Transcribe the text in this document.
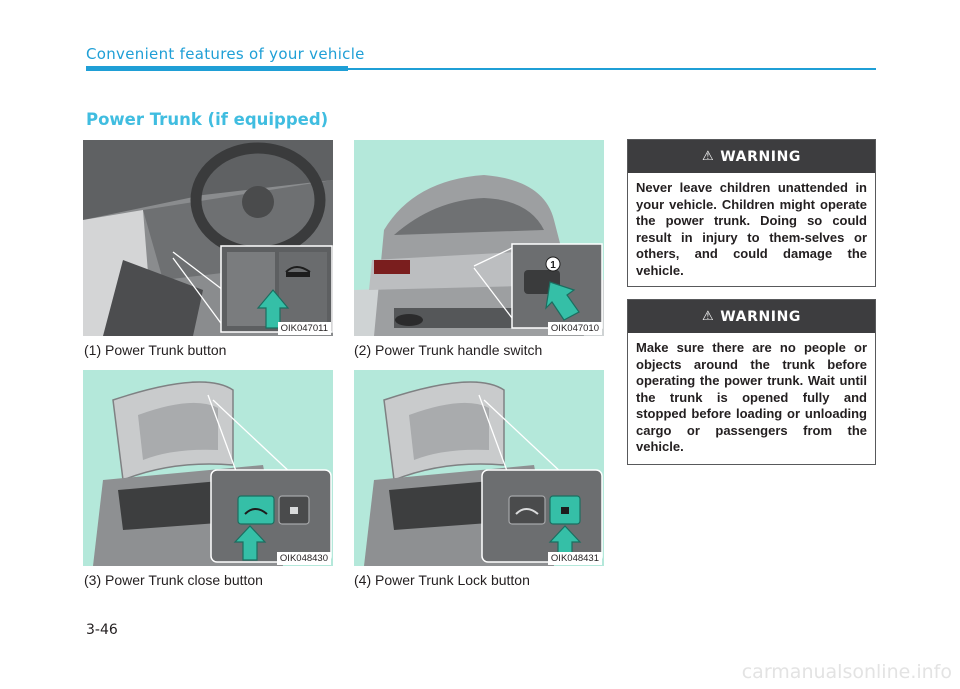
Convenient features of your vehicle
Power Trunk (if equipped)
OIK047011
(1) Power Trunk button
1
OIK047010
(2) Power Trunk handle switch
OIK048430
(3) Power Trunk close button
OIK048431
(4) Power Trunk Lock button
⚠ WARNING
Never leave children unattended in your vehicle. Children might operate the power trunk. Doing so could result in injury to them-selves or others, and could damage the vehicle.
⚠ WARNING
Make sure there are no people or objects around the trunk before operating the power trunk. Wait until the trunk is opened fully and stopped before loading or unloading cargo or passengers from the vehicle.
3-46
carmanualsonline.info
